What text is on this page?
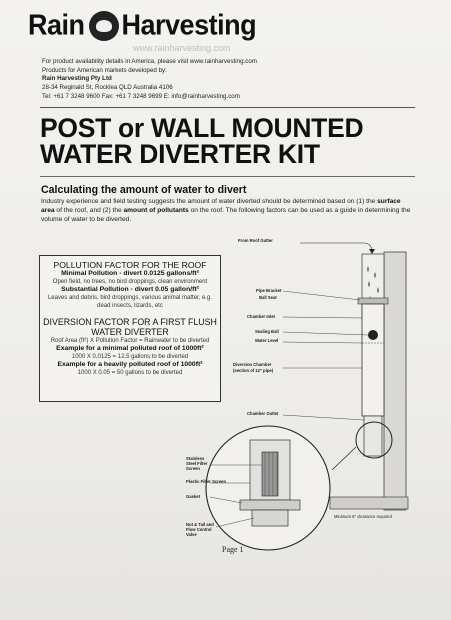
Rain Harvesting
www.rainharvesting.com
For product availability details in America, please visit www.rainharvesting.com
Products for American markets developed by:
Rain Harvesting Pty Ltd
28-34 Reginald St, Rocklea QLD Australia 4106
Tel: +61 7 3248 9600 Fax: +61 7 3248 9699 E: info@rainharvesting.com
POST or WALL MOUNTED
WATER DIVERTER KIT
Calculating the amount of water to divert
Industry experience and field testing suggests the amount of water diverted should be determined based on (1) the surface area of the roof, and (2) the amount of pollutants on the roof. The following factors can be used as a guide in determining the volume of water to be diverted.
POLLUTION FACTOR FOR THE ROOF
Minimal Pollution - divert 0.0125 gallons/ft²
Open field, no trees, no bird droppings, clean environment
Substantial Pollution - divert 0.05 gallon/ft²
Leaves and debris, bird droppings, various animal matter, e.g. dead insects, lizards, etc
DIVERSION FACTOR FOR A FIRST FLUSH WATER DIVERTER
Roof Area (ft²) X Pollution Factor = Rainwater to be diverted
Example for a minimal polluted roof of 1000ft²
1000 X 0.0125 = 12.5 gallons to be diverted
Example for a heavily polluted roof of 1000ft²
1000 X 0.05 = 50 gallons to be diverted
From Roof Gutter
Pipe Bracket
Ball Seat
Chamber Inlet
Sealing Ball
Water Level
Diversion Chamber
(section of 12" pipe)
Chamber Outlet
Stainless Steel Filter Screen
Plastic Filter Screen
Gasket
Nut & Tail and Flow Control Valve
Minimum 6" clearance required
Page 1
